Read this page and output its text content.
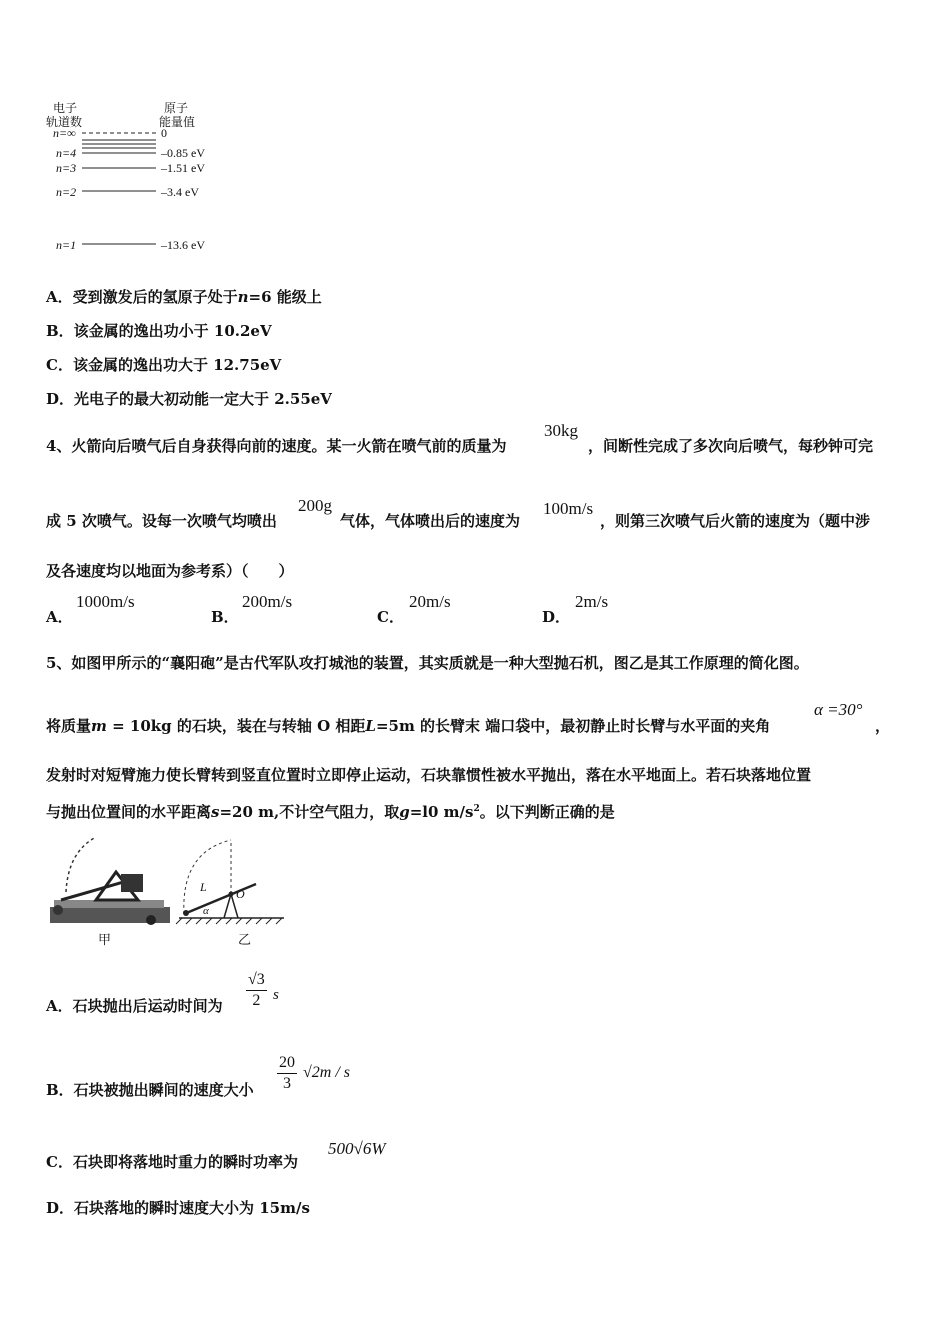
电子
轨道数
原子
能量值
n=∞	0
n=4	–0.85 eV
n=3	–1.51 eV
n=2	–3.4 eV
n=1	–13.6 eV
A．受到激发后的氢原子处于n=6 能级上
B．该金属的逸出功小于 10.2eV
C．该金属的逸出功大于 12.75eV
D．光电子的最大初动能一定大于 2.55eV
4、火箭向后喷气后自身获得向前的速度。某一火箭在喷气前的质量为
30kg
，间断性完成了多次向后喷气，每秒钟可完
成 5 次喷气。设每一次喷气均喷出
200g
气体，气体喷出后的速度为
100m/s
，则第三次喷气后火箭的速度为（题中涉
及各速度均以地面为参考系）（　　）
A．
1000m/s
B．
200m/s
C．
20m/s
D．
2m/s
5、如图甲所示的“襄阳砲”是古代军队攻打城池的装置，其实质就是一种大型抛石机，图乙是其工作原理的简化图。
将质量m = 10kg 的石块，装在与转轴 O 相距L=5m 的长臂末 端口袋中，最初静止时长臂与水平面的夹角
α =30°
，
发射时对短臂施力使长臂转到竖直位置时立即停止运动，石块靠惯性被水平抛出，落在水平地面上。若石块落地位置
与抛出位置间的水平距离s=20 m,不计空气阻力，取g=l0 $m/s^2$。以下判断正确的是
L O
α
甲	乙
A．石块抛出后运动时间为 $\frac{√3}{2}$ s
B．石块被抛出瞬间的速度大小 $\frac{20}{3} √2m$ / s
C．石块即将落地时重力的瞬时功率为
500√6W
D．石块落地的瞬时速度大小为 15m/s
